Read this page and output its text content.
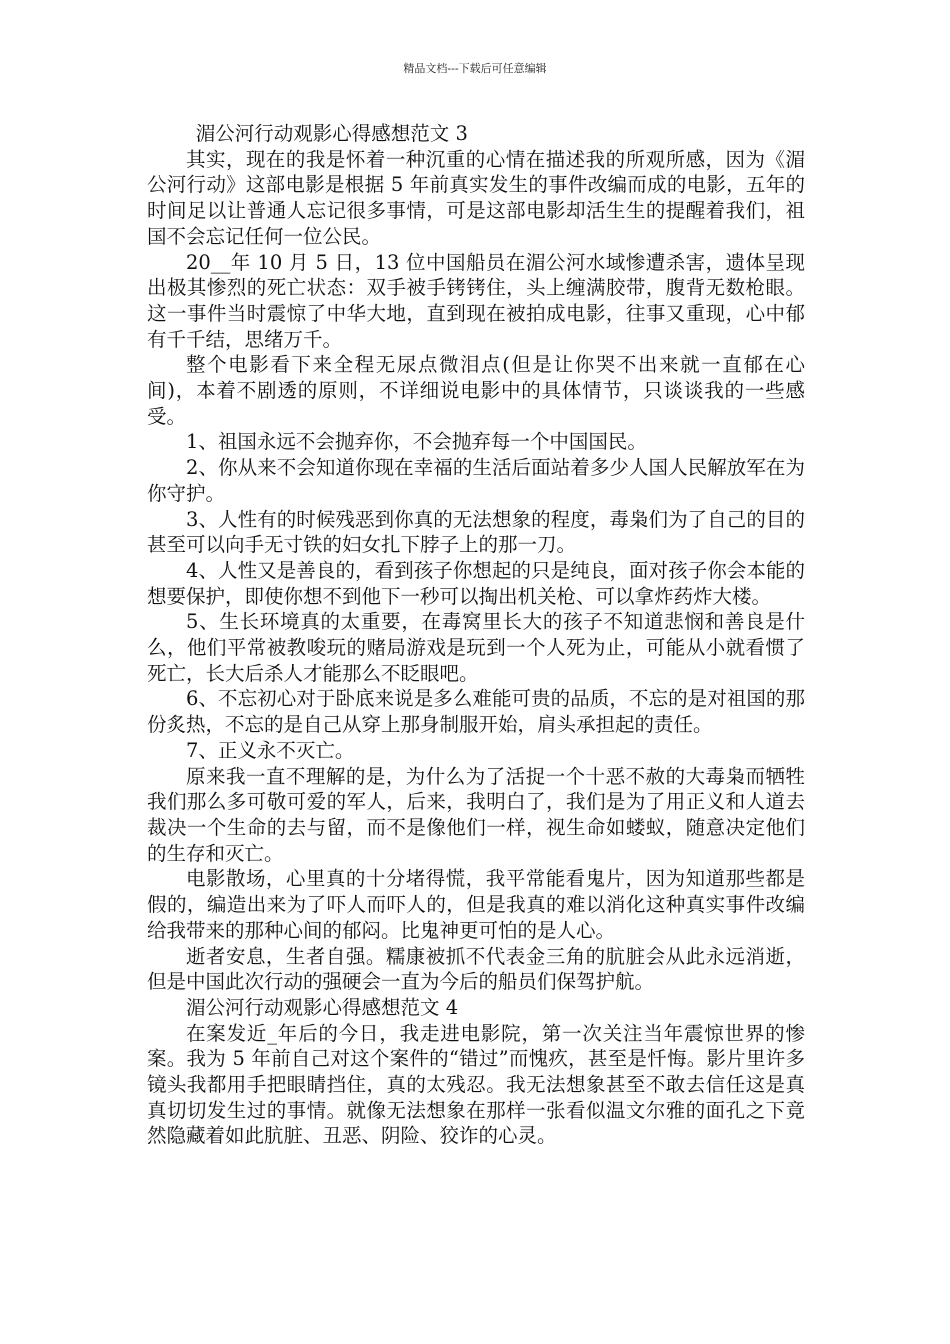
精品文档---下载后可任意编辑

湄公河行动观影心得感想范文 3

其实，现在的我是怀着一种沉重的心情在描述我的所观所感，因为《湄公河行动》这部电影是根据 5 年前真实发生的事件改编而成的电影，五年的时间足以让普通人忘记很多事情，可是这部电影却活生生的提醒着我们，祖国不会忘记任何一位公民。

20__年 10 月 5 日，13 位中国船员在湄公河水域惨遭杀害，遗体呈现出极其惨烈的死亡状态：双手被手铐铐住，头上缠满胶带，腹背无数枪眼。这一事件当时震惊了中华大地，直到现在被拍成电影，往事又重现，心中郁有千千结，思绪万千。

整个电影看下来全程无尿点微泪点(但是让你哭不出来就一直郁在心间)，本着不剧透的原则，不详细说电影中的具体情节，只谈谈我的一些感受。

1、祖国永远不会抛弃你，不会抛弃每一个中国国民。

2、你从来不会知道你现在幸福的生活后面站着多少人国人民解放军在为你守护。

3、人性有的时候残恶到你真的无法想象的程度，毒枭们为了自己的目的甚至可以向手无寸铁的妇女扎下脖子上的那一刀。

4、人性又是善良的，看到孩子你想起的只是纯良，面对孩子你会本能的想要保护，即使你想不到他下一秒可以掏出机关枪、可以拿炸药炸大楼。

5、生长环境真的太重要，在毒窝里长大的孩子不知道悲悯和善良是什么，他们平常被教唆玩的赌局游戏是玩到一个人死为止，可能从小就看惯了死亡，长大后杀人才能那么不眨眼吧。

6、不忘初心对于卧底来说是多么难能可贵的品质，不忘的是对祖国的那份炙热，不忘的是自己从穿上那身制服开始，肩头承担起的责任。

7、正义永不灭亡。

原来我一直不理解的是，为什么为了活捉一个十恶不赦的大毒枭而牺牲我们那么多可敬可爱的军人，后来，我明白了，我们是为了用正义和人道去裁决一个生命的去与留，而不是像他们一样，视生命如蝼蚁，随意决定他们的生存和灭亡。

电影散场，心里真的十分堵得慌，我平常能看鬼片，因为知道那些都是假的，编造出来为了吓人而吓人的，但是我真的难以消化这种真实事件改编给我带来的那种心间的郁闷。比鬼神更可怕的是人心。

逝者安息，生者自强。糯康被抓不代表金三角的肮脏会从此永远消逝，但是中国此次行动的强硬会一直为今后的船员们保驾护航。

湄公河行动观影心得感想范文 4

在案发近_年后的今日，我走进电影院，第一次关注当年震惊世界的惨案。我为 5 年前自己对这个案件的“错过”而愧疚，甚至是忏悔。影片里许多镜头我都用手把眼睛挡住，真的太残忍。我无法想象甚至不敢去信任这是真真切切发生过的事情。就像无法想象在那样一张看似温文尔雅的面孔之下竟然隐藏着如此肮脏、丑恶、阴险、狡诈的心灵。
